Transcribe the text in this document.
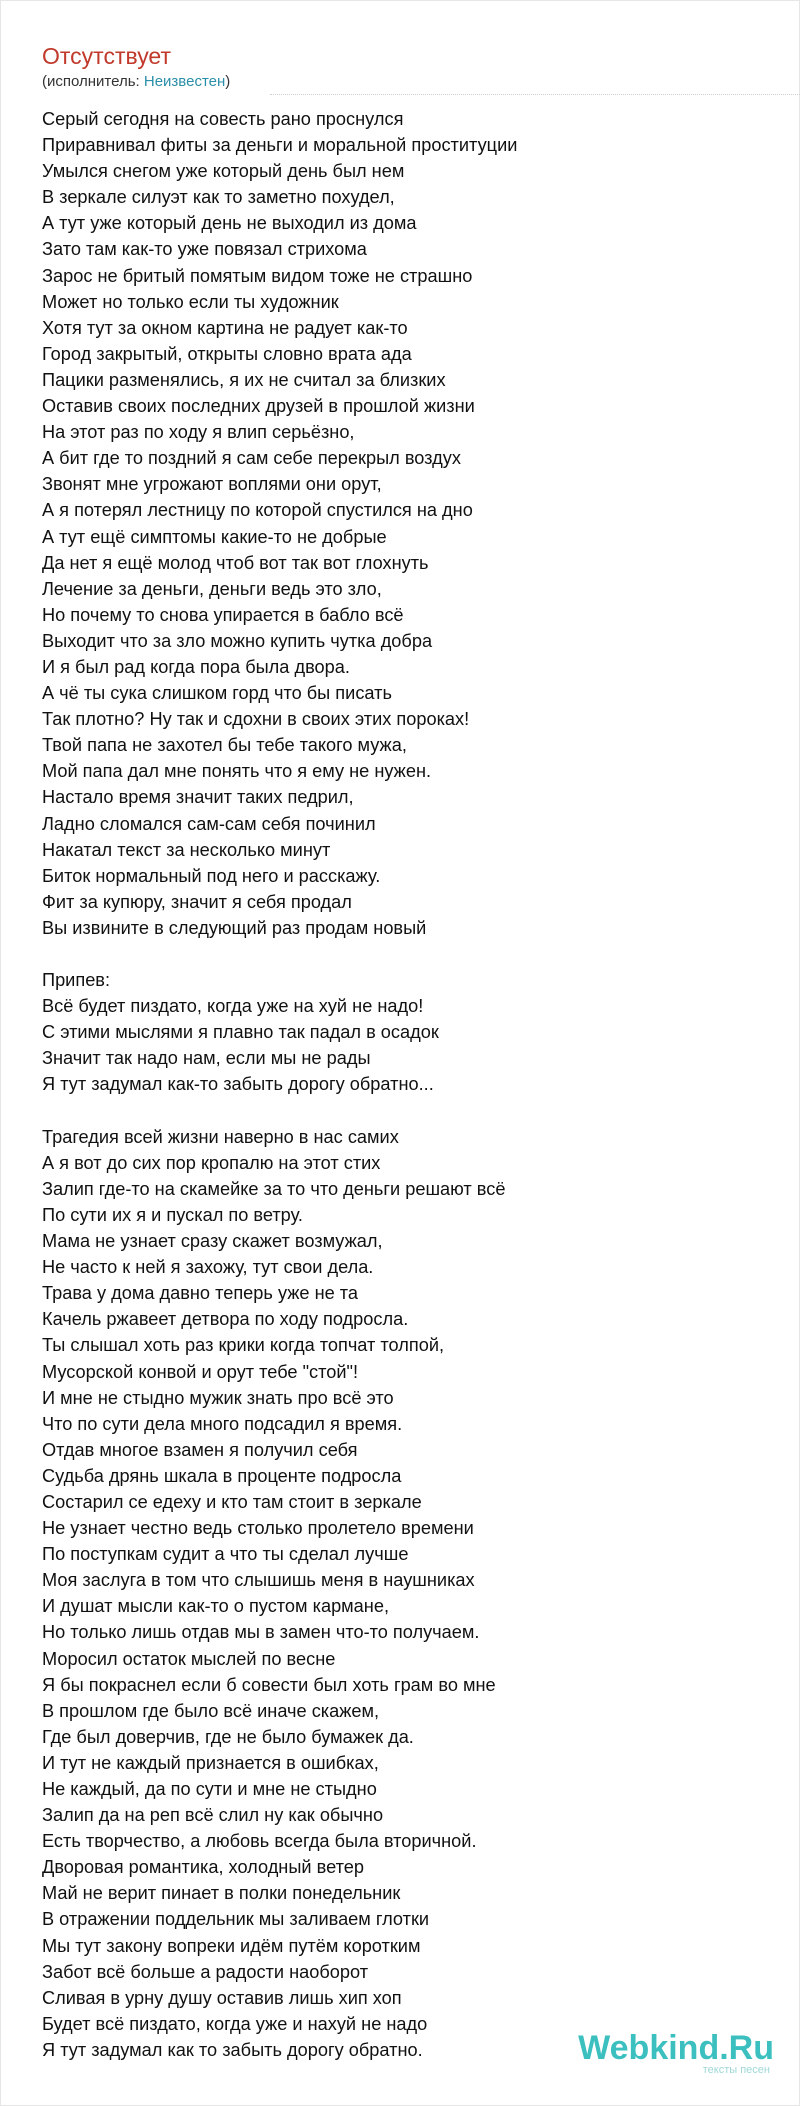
Отсутствует
(исполнитель: Неизвестен)
Серый сегодня на совесть рано проснулся
Приравнивал фиты за деньги и моральной проституции
Умылся снегом уже который день был нем
В зеркале силуэт как то заметно похудел,
А тут уже который день не выходил из дома
Зато там как-то уже повязал стрихома
Зарос не бритый помятым видом тоже не страшно
Может но только если ты художник
Хотя тут за окном картина не радует как-то
Город закрытый, открыты словно врата ада
Пацики разменялись, я их не считал за близких
Оставив своих последних друзей в прошлой жизни
На этот раз по ходу я влип серьёзно,
А бит где то поздний я сам себе перекрыл воздух
Звонят мне угрожают воплями они орут,
А я потерял лестницу по которой спустился на дно
А тут ещё симптомы какие-то не добрые
Да нет я ещё молод чтоб вот так вот глохнуть
Лечение за деньги, деньги ведь это зло,
Но почему то снова упирается в бабло всё
Выходит что за зло можно купить чутка добра
И я был рад когда пора была двора.
А чё ты сука слишком горд что бы писать
Так плотно? Ну так и сдохни в своих этих пороках!
Твой папа не захотел бы тебе такого мужа,
Мой папа дал мне понять что я ему не нужен.
Настало время значит таких педрил,
Ладно сломался сам-сам себя починил
Накатал текст за несколько минут
Биток нормальный под него и расскажу.
Фит за купюру, значит я себя продал
Вы извините в следующий раз продам новый
Припев:
Всё будет пиздато, когда уже на хуй не надо!
С этими мыслями я плавно так падал в осадок
Значит так надо нам, если мы не рады
Я тут задумал как-то забыть дорогу обратно...
Трагедия всей жизни наверно в нас самих
А я вот до сих пор кропалю на этот стих
Залип где-то на скамейке за то что деньги решают всё
По сути их я и пускал по ветру.
Мама не узнает сразу скажет возмужал,
Не часто к ней я захожу, тут свои дела.
Трава у дома давно теперь уже не та
Качель ржавеет детвора по ходу подросла.
Ты слышал хоть раз крики когда топчат толпой,
Мусорской конвой и орут тебе "стой"!
И мне не стыдно мужик знать про всё это
Что по сути дела много подсадил я время.
Отдав многое взамен я получил себя
Судьба дрянь шкала в проценте подросла
Состарил се едеху и кто там стоит в зеркале
Не узнает честно ведь столько пролетело времени
По поступкам судит а что ты сделал лучше
Моя заслуга в том что слышишь меня в наушниках
И душат мысли как-то о пустом кармане,
Но только лишь отдав мы в замен что-то получаем.
Моросил остаток мыслей по весне
Я бы покраснел если б совести был хоть грам во мне
В прошлом где было всё иначе скажем,
Где был доверчив, где не было бумажек да.
И тут не каждый признается в ошибках,
Не каждый, да по сути и мне не стыдно
Залип да на реп всё слил ну как обычно
Есть творчество, а любовь всегда была вторичной.
Дворовая романтика, холодный ветер
Май не верит пинает в полки понедельник
В отражении поддельник мы заливаем глотки
Мы тут закону вопреки идём путём коротким
Забот всё больше а радости наоборот
Сливая в урну душу оставив лишь хип хоп
Будет всё пиздато, когда уже и нахуй не надо
Я тут задумал как то забыть дорогу обратно.	Webkind.Ru
тексты песен
